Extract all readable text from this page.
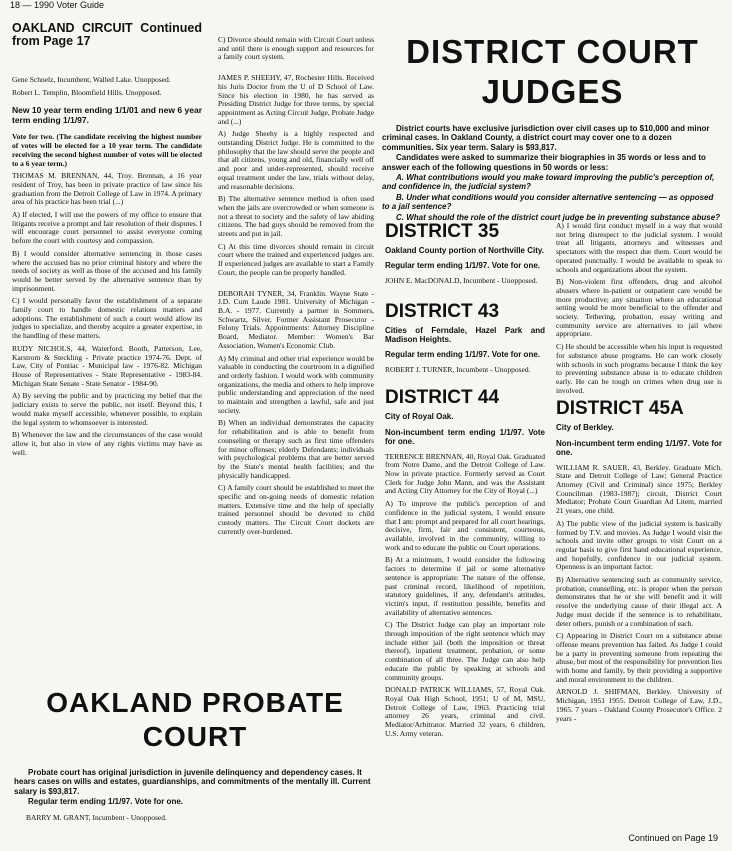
18 — 1990 Voter Guide
OAKLAND CIRCUIT Continued from Page 17

Gene Schnelz, Incumbent, Walled Lake. Unopposed.

Robert L. Templin, Bloomfield Hills. Unopposed.

New 10 year term ending 1/1/01 and new 6 year term ending 1/1/97.

Vote for two. (The candidate receiving the highest number of votes will be elected for a 10 year term. The candidate receiving the second highest number of votes will be elected to a 6 year term.)

THOMAS M. BRENNAN, 44, Troy. Brennan, a 16 year resident of Troy, has been in private practice of law since his graduation from the Detroit College of Law in 1974. A primary area of his practice has been trial (...)

A) If elected, I will use the powers of my office to ensure that litigants receive a prompt and fair resolution of their disputes. I will encourage court personnel to assist everyone coming before the court with courtesy and compassion.

B) I would consider alternative sentencing in those cases where the accused has no prior criminal history and where the needs of society as well as those of the accused and his family would be better served by the alternative sentence than by imprisonment.

C) I would personally favor the establishment of a separate family court to handle domestic relations matters and adoptions. The establishment of such a court would allow its judges to specialize, and thereby acquire a greater expertise, in the handling of these matters.

RUDY NICHOLS, 44, Waterford. Booth, Patterson, Lee, Karstrom & Steckling - Private practice 1974-76. Dept. of Law, City of Pontiac - Municipal law - 1976-82. Michigan House of Representatives - State Representative - 1983-84. Michigan State Senate - State Senator - 1984-90.

A) By serving the public and by practicing my belief that the judiciary exists to serve the public, not itself. Beyond this, I would make myself accessible, whenever possible, to explain the legal system to whomsoever is interested.

B) Whenever the law and the circumstances of the case would allow it, but also in view of any rights victims may have as well.

C) Divorce should remain with Circuit Court unless and until there is enough support and resources for a family court system.

JAMES P. SHEEHY, 47, Rochester Hills. Received his Juris Doctor from the U of D School of Law. Since his election in 1980, he has served as Presiding District Judge for three terms, by special appointment as Acting Circuit Judge, Probate Judge and (...)

A) Judge Sheehy is a highly respected and outstanding District Judge. He is committed to the philosophy that the law should serve the people and that all citizens, young and old, financially well off and poor and under-represented, should receive equal treatment under the law, trials without delay, and reasonable decisions.

B) The alternative sentence method is often used when the jails are overcrowded or when someone is not a threat to society and the safety of law abiding citizens. The bad guys should be removed from the streets and put in jail.

C) At this time divorces should remain in circuit court where the trained and experienced judges are. If experienced judges are available to start a Family Court, the people can be properly handled.

DEBORAH TYNER, 34, Franklin. Wayne State - J.D. Cum Laude 1981. University of Michigan - B.A. - 1977. Currently a partner in Sommers, Schwartz, Silver. Former Assistant Prosecutor - Felony Trials. Appointments: Attorney Discipline Board, Mediator. Member: Women's Bar Association, Women's Economic Club.

A) My criminal and other trial experience would be valuable in conducting the courtroom in a dignified and orderly fashion. I would work with community organizations, the media and others to help improve public understanding and appreciation of the need to maintain and strengthen a lawful, safe and just society.

B) When an individual demonstrates the capacity for rehabilitation and is able to benefit from counseling or therapy such as first time offenders for minor offenses; elderly Defendants; individuals with psychological problems that are better served by the State's mental health facilities; and the physically handicapped.

C) A family court should be established to meet the specific and on-going needs of domestic relation matters. Extensive time and the help of specially trained personnel should be devoted to child custody matters. The Circuit Court dockets are currently over-burdened.

DISTRICT COURT
JUDGES

District courts have exclusive jurisdiction over civil cases up to $10,000 and minor criminal cases. In Oakland County, a district court may cover one to a dozen communities. Six year term. Salary is $93,817.

Candidates were asked to summarize their biographies in 35 words or less and to answer each of the following questions in 50 words or less:

A. What contributions would you make toward improving the public's perception of, and confidence in, the judicial system?

B. Under what conditions would you consider alternative sentencing — as opposed to a jail sentence?

C. What should the role of the district court judge be in preventing substance abuse?

DISTRICT 35
Oakland County portion of Northville City.
Regular term ending 1/1/97. Vote for one.

JOHN E. MacDONALD, Incumbent - Unopposed.

DISTRICT 43
Cities of Ferndale, Hazel Park and Madison Heights.
Regular term ending 1/1/97. Vote for one.

ROBERT J. TURNER, Incumbent - Unopposed.

DISTRICT 44
City of Royal Oak.
Non-incumbent term ending 1/1/97. Vote for one.

TERRENCE BRENNAN, 40, Royal Oak. Graduated from Notre Dame, and the Detroit College of Law. Now in private practice. Formerly served as Court Clerk for Judge John Mann, and was the Assistant and Acting City Attorney for the City of Royal (...)

A) To improve the public's perception of and confidence in the judicial system, I would ensure that I am: prompt and prepared for all court hearings, decisive, firm, fair and consistent, courteous, available, involved in the community, willing to work and to educate the public on Court operations.

B) At a minimum, I would consider the following factors to determine if jail or some alternative sentence is appropriate: The nature of the offense, past criminal record, likelihood of repetition, statutory guidelines, if any, defendant's attitudes, victim's input, if restitution possible, benefits and availability of alternative sentences.

C) The District Judge can play an important role through imposition of the right sentence which may include either jail (both the imposition or threat thereof), inpatient treatment, probation, or some combination of all three. The Judge can also help educate the public by speaking at schools and community groups.

DONALD PATRICK WILLIAMS, 57, Royal Oak. Royal Oak High School, 1951; U of M, MSU, Detroit College of Law, 1963. Practicing trial attorney 26 years, criminal and civil. Mediator/Arbitrator. Married 32 years, 6 children, U.S. Army veteran.

A) I would first conduct myself in a way that would not bring disrespect to the judicial system. I would treat all litigants, attorneys and witnesses and spectators with the respect due them. Court would be operated punctually. I would be available to speak to schools and organizations about the system.

B) Non-violent first offenders, drug and alcohol abusers where in-patient or outpatient care would be more productive; any situation where an educational setting would be more beneficial to the offender and society. Tethering, probation, essay writing and community service are alternatives to jail where appropriate.

C) He should be accessible when his input is requested for substance abuse programs. He can work closely with schools in such programs because I think the key to preventing substance abuse is to educate children early. He can be tough on crimes when drug use is involved.

DISTRICT 45A
City of Berkley.
Non-incumbent term ending 1/1/97. Vote for one.

WILLIAM R. SAUER, 43, Berkley. Graduate Mich. State and Detroit College of Law; General Practice Attorney (Civil and Criminal) since 1975; Berkley Councilman (1983-1987); circuit, District Court Mediator; Probate Court Guardian Ad Litem, married 21 years, one child.

A) The public view of the judicial system is basically formed by T.V. and movies. As Judge I would visit the schools and invite other groups to visit Court on a regular basis to give first hand educational experience, and hopefully, confidence in our judicial system. Openness is an important factor.

B) Alternative sentencing such as community service, probation, counselling, etc. is proper when the person demonstrates that he or she will benefit and it will resolve the underlying cause of their illegal act. A Judge must decide if the sentence is to rehabilitate, deter others, punish or a combination of each.

C) Appearing in District Court on a substance abuse offense means prevention has failed. As Judge I could be a party in preventing someone from repeating the abuse, but most of the responsibility for prevention lies with home and family, by their providing a supportive and moral environment to the children.

ARNOLD J. SHIFMAN, Berkley. University of Michigan, 1951 1955. Detroit College of Law, J.D., 1965. 7 years - Oakland County Prosecutor's Office. 2 years -

OAKLAND PROBATE
COURT

Probate court has original jurisdiction in juvenile delinquency and dependency cases. It hears cases on wills and estates, guardianships, and commitments of the mentally ill. Current salary is $93,817.

Regular term ending 1/1/97. Vote for one.

BARRY M. GRANT, Incumbent - Unopposed.

Continued on Page 19
